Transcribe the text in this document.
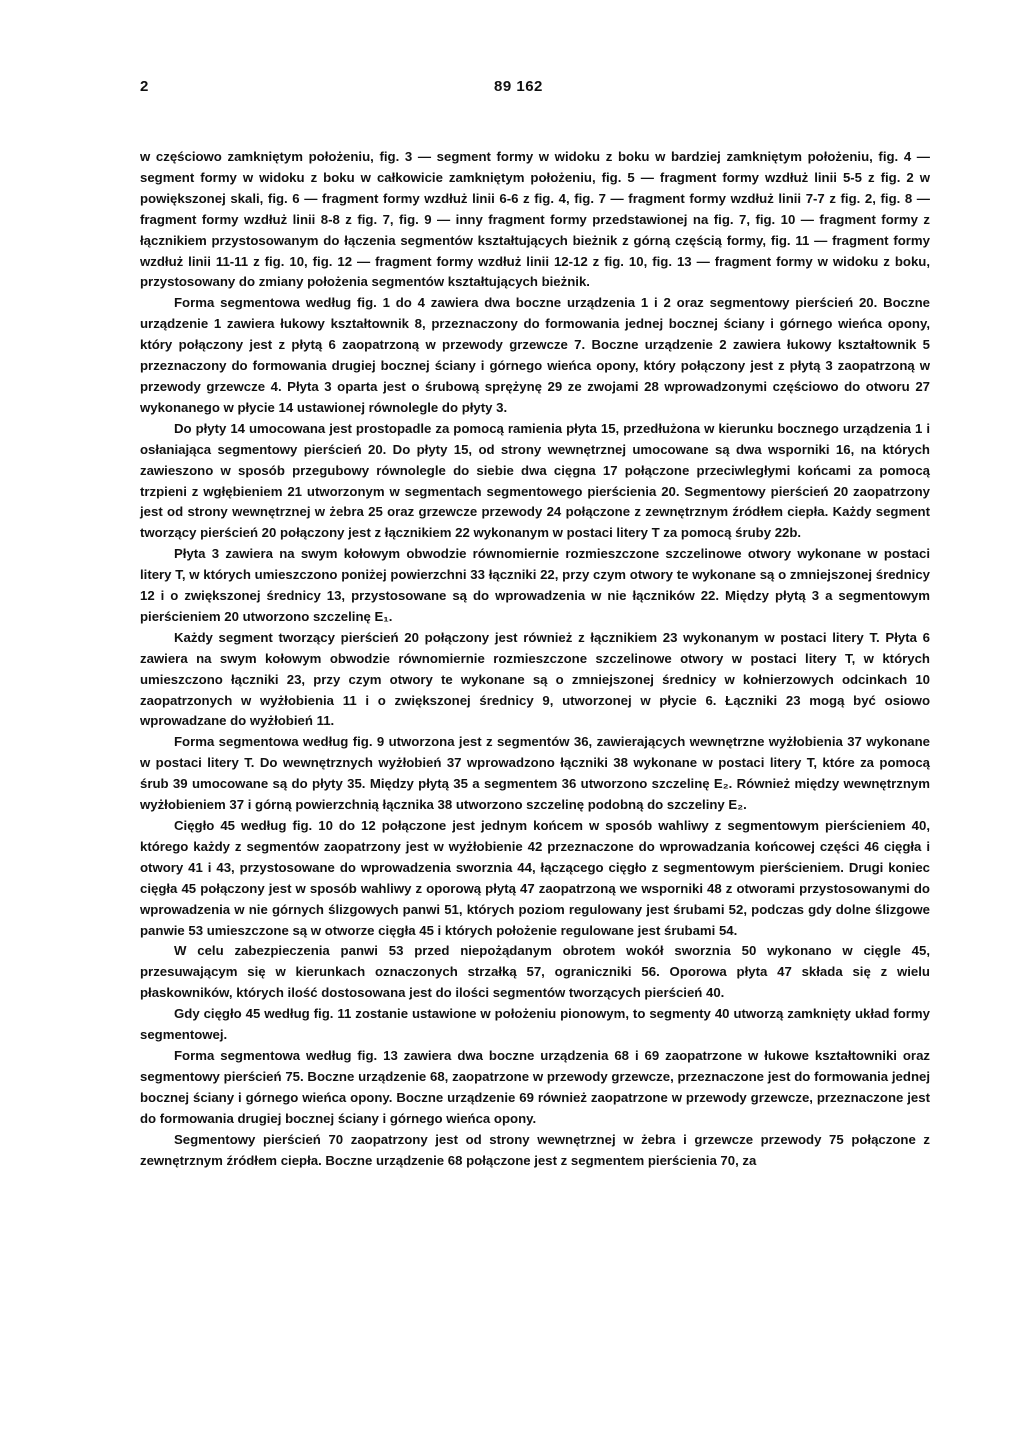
2	89 162

w częściowo zamkniętym położeniu, fig. 3 — segment formy w widoku z boku w bardziej zamkniętym położeniu, fig. 4 — segment formy w widoku z boku w całkowicie zamkniętym położeniu, fig. 5 — fragment formy wzdłuż linii 5-5 z fig. 2 w powiększonej skali, fig. 6 — fragment formy wzdłuż linii 6-6 z fig. 4, fig. 7 — fragment formy wzdłuż linii 7-7 z fig. 2, fig. 8 — fragment formy wzdłuż linii 8-8 z fig. 7, fig. 9 — inny fragment formy przedstawionej na fig. 7, fig. 10 — fragment formy z łącznikiem przystosowanym do łączenia segmentów kształtujących bieżnik z górną częścią formy, fig. 11 — fragment formy wzdłuż linii 11-11 z fig. 10, fig. 12 — fragment formy wzdłuż linii 12-12 z fig. 10, fig. 13 — fragment formy w widoku z boku, przystosowany do zmiany położenia segmentów kształtujących bieżnik.

Forma segmentowa według fig. 1 do 4 zawiera dwa boczne urządzenia 1 i 2 oraz segmentowy pierścień 20. Boczne urządzenie 1 zawiera łukowy kształtownik 8, przeznaczony do formowania jednej bocznej ściany i górnego wieńca opony, który połączony jest z płytą 6 zaopatrzoną w przewody grzewcze 7. Boczne urządzenie 2 zawiera łukowy kształtownik 5 przeznaczony do formowania drugiej bocznej ściany i górnego wieńca opony, który połączony jest z płytą 3 zaopatrzoną w przewody grzewcze 4. Płyta 3 oparta jest o śrubową sprężynę 29 ze zwojami 28 wprowadzonymi częściowo do otworu 27 wykonanego w płycie 14 ustawionej równolegle do płyty 3.

Do płyty 14 umocowana jest prostopadle za pomocą ramienia płyta 15, przedłużona w kierunku bocznego urządzenia 1 i osłaniająca segmentowy pierścień 20. Do płyty 15, od strony wewnętrznej umocowane są dwa wsporniki 16, na których zawieszono w sposób przegubowy równolegle do siebie dwa cięgna 17 połączone przeciwległymi końcami za pomocą trzpieni z wgłębieniem 21 utworzonym w segmentach segmentowego pierścienia 20. Segmentowy pierścień 20 zaopatrzony jest od strony wewnętrznej w żebra 25 oraz grzewcze przewody 24 połączone z zewnętrznym źródłem ciepła. Każdy segment tworzący pierścień 20 połączony jest z łącznikiem 22 wykonanym w postaci litery T za pomocą śruby 22b.

Płyta 3 zawiera na swym kołowym obwodzie równomiernie rozmieszczone szczelinowe otwory wykonane w postaci litery T, w których umieszczono poniżej powierzchni 33 łączniki 22, przy czym otwory te wykonane są o zmniejszonej średnicy 12 i o zwiększonej średnicy 13, przystosowane są do wprowadzenia w nie łączników 22. Między płytą 3 a segmentowym pierścieniem 20 utworzono szczelinę E₁.

Każdy segment tworzący pierścień 20 połączony jest również z łącznikiem 23 wykonanym w postaci litery T. Płyta 6 zawiera na swym kołowym obwodzie równomiernie rozmieszczone szczelinowe otwory w postaci litery T, w których umieszczono łączniki 23, przy czym otwory te wykonane są o zmniejszonej średnicy w kołnierzowych odcinkach 10 zaopatrzonych w wyżłobienia 11 i o zwiększonej średnicy 9, utworzonej w płycie 6. Łączniki 23 mogą być osiowo wprowadzane do wyżłobień 11.

Forma segmentowa według fig. 9 utworzona jest z segmentów 36, zawierających wewnętrzne wyżłobienia 37 wykonane w postaci litery T. Do wewnętrznych wyżłobień 37 wprowadzono łączniki 38 wykonane w postaci litery T, które za pomocą śrub 39 umocowane są do płyty 35. Między płytą 35 a segmentem 36 utworzono szczelinę E₂. Również między wewnętrznym wyżłobieniem 37 i górną powierzchnią łącznika 38 utworzono szczelinę podobną do szczeliny E₂.

Cięgło 45 według fig. 10 do 12 połączone jest jednym końcem w sposób wahliwy z segmentowym pierścieniem 40, którego każdy z segmentów zaopatrzony jest w wyżłobienie 42 przeznaczone do wprowadzania końcowej części 46 cięgła i otwory 41 i 43, przystosowane do wprowadzenia sworznia 44, łączącego cięgło z segmentowym pierścieniem. Drugi koniec cięgła 45 połączony jest w sposób wahliwy z oporową płytą 47 zaopatrzoną we wsporniki 48 z otworami przystosowanymi do wprowadzenia w nie górnych ślizgowych panwi 51, których poziom regulowany jest śrubami 52, podczas gdy dolne ślizgowe panwie 53 umieszczone są w otworze cięgła 45 i których położenie regulowane jest śrubami 54.

W celu zabezpieczenia panwi 53 przed niepożądanym obrotem wokół sworznia 50 wykonano w cięgle 45, przesuwającym się w kierunkach oznaczonych strzałką 57, ograniczniki 56. Oporowa płyta 47 składa się z wielu płaskowników, których ilość dostosowana jest do ilości segmentów tworzących pierścień 40.

Gdy cięgło 45 według fig. 11 zostanie ustawione w położeniu pionowym, to segmenty 40 utworzą zamknięty układ formy segmentowej.

Forma segmentowa według fig. 13 zawiera dwa boczne urządzenia 68 i 69 zaopatrzone w łukowe kształtowniki oraz segmentowy pierścień 75. Boczne urządzenie 68, zaopatrzone w przewody grzewcze, przeznaczone jest do formowania jednej bocznej ściany i górnego wieńca opony. Boczne urządzenie 69 również zaopatrzone w przewody grzewcze, przeznaczone jest do formowania drugiej bocznej ściany i górnego wieńca opony.

Segmentowy pierścień 70 zaopatrzony jest od strony wewnętrznej w żebra i grzewcze przewody 75 połączone z zewnętrznym źródłem ciepła. Boczne urządzenie 68 połączone jest z segmentem pierścienia 70, za
